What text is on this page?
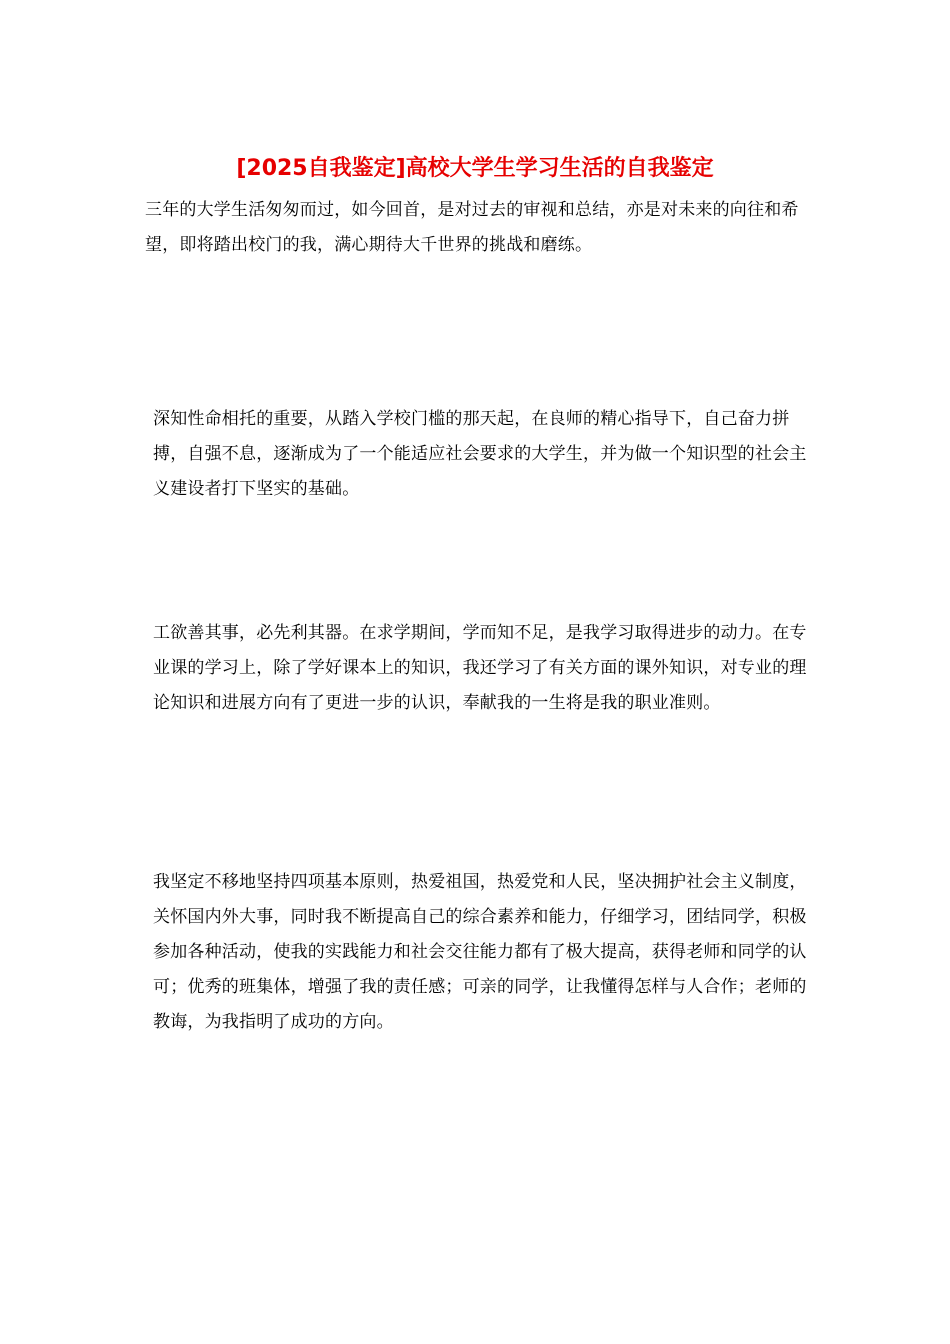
[2025自我鉴定]高校大学生学习生活的自我鉴定

三年的大学生活匆匆而过，如今回首，是对过去的审视和总结，亦是对未来的向往和希望，即将踏出校门的我，满心期待大千世界的挑战和磨练。

深知性命相托的重要，从踏入学校门槛的那天起，在良师的精心指导下，自己奋力拼搏，自强不息，逐渐成为了一个能适应社会要求的大学生，并为做一个知识型的社会主义建设者打下坚实的基础。

工欲善其事，必先利其器。在求学期间，学而知不足，是我学习取得进步的动力。在专业课的学习上，除了学好课本上的知识，我还学习了有关方面的课外知识，对专业的理论知识和进展方向有了更进一步的认识，奉献我的一生将是我的职业准则。

我坚定不移地坚持四项基本原则，热爱祖国，热爱党和人民，坚决拥护社会主义制度，关怀国内外大事，同时我不断提高自己的综合素养和能力，仔细学习，团结同学，积极参加各种活动，使我的实践能力和社会交往能力都有了极大提高，获得老师和同学的认可；优秀的班集体，增强了我的责任感；可亲的同学，让我懂得怎样与人合作；老师的教诲，为我指明了成功的方向。
